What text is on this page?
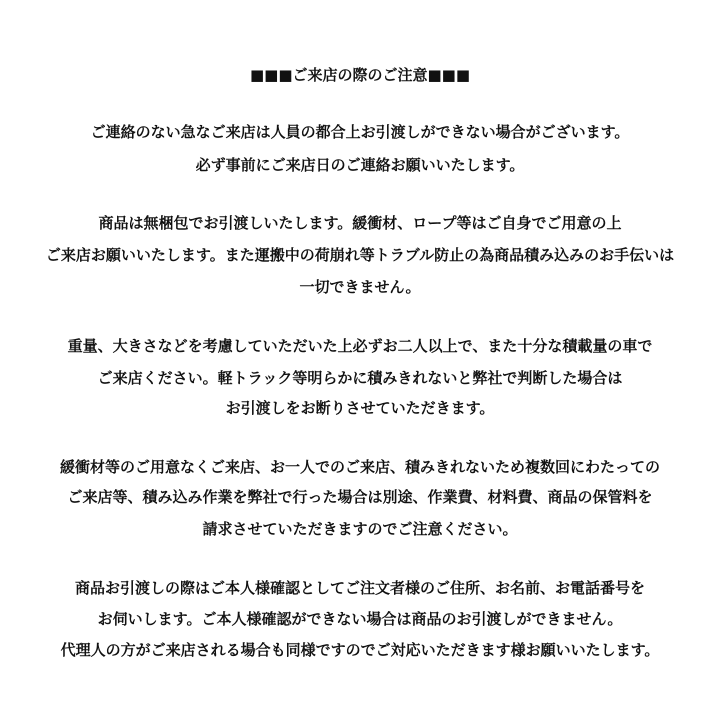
■■■ご来店の際のご注意■■■
ご連絡のない急なご来店は人員の都合上お引渡しができない場合がございます。
必ず事前にご来店日のご連絡お願いいたします。
商品は無梱包でお引渡しいたします。緩衝材、ロープ等はご自身でご用意の上
ご来店お願いいたします。また運搬中の荷崩れ等トラブル防止の為商品積み込みのお手伝いは
一切できません。
重量、大きさなどを考慮していただいた上必ずお二人以上で、また十分な積載量の車で
ご来店ください。軽トラック等明らかに積みきれないと弊社で判断した場合は
お引渡しをお断りさせていただきます。
緩衝材等のご用意なくご来店、お一人でのご来店、積みきれないため複数回にわたっての
ご来店等、積み込み作業を弊社で行った場合は別途、作業費、材料費、商品の保管料を
請求させていただきますのでご注意ください。
商品お引渡しの際はご本人様確認としてご注文者様のご住所、お名前、お電話番号を
お伺いします。ご本人様確認ができない場合は商品のお引渡しができません。
代理人の方がご来店される場合も同様ですのでご対応いただきます様お願いいたします。
